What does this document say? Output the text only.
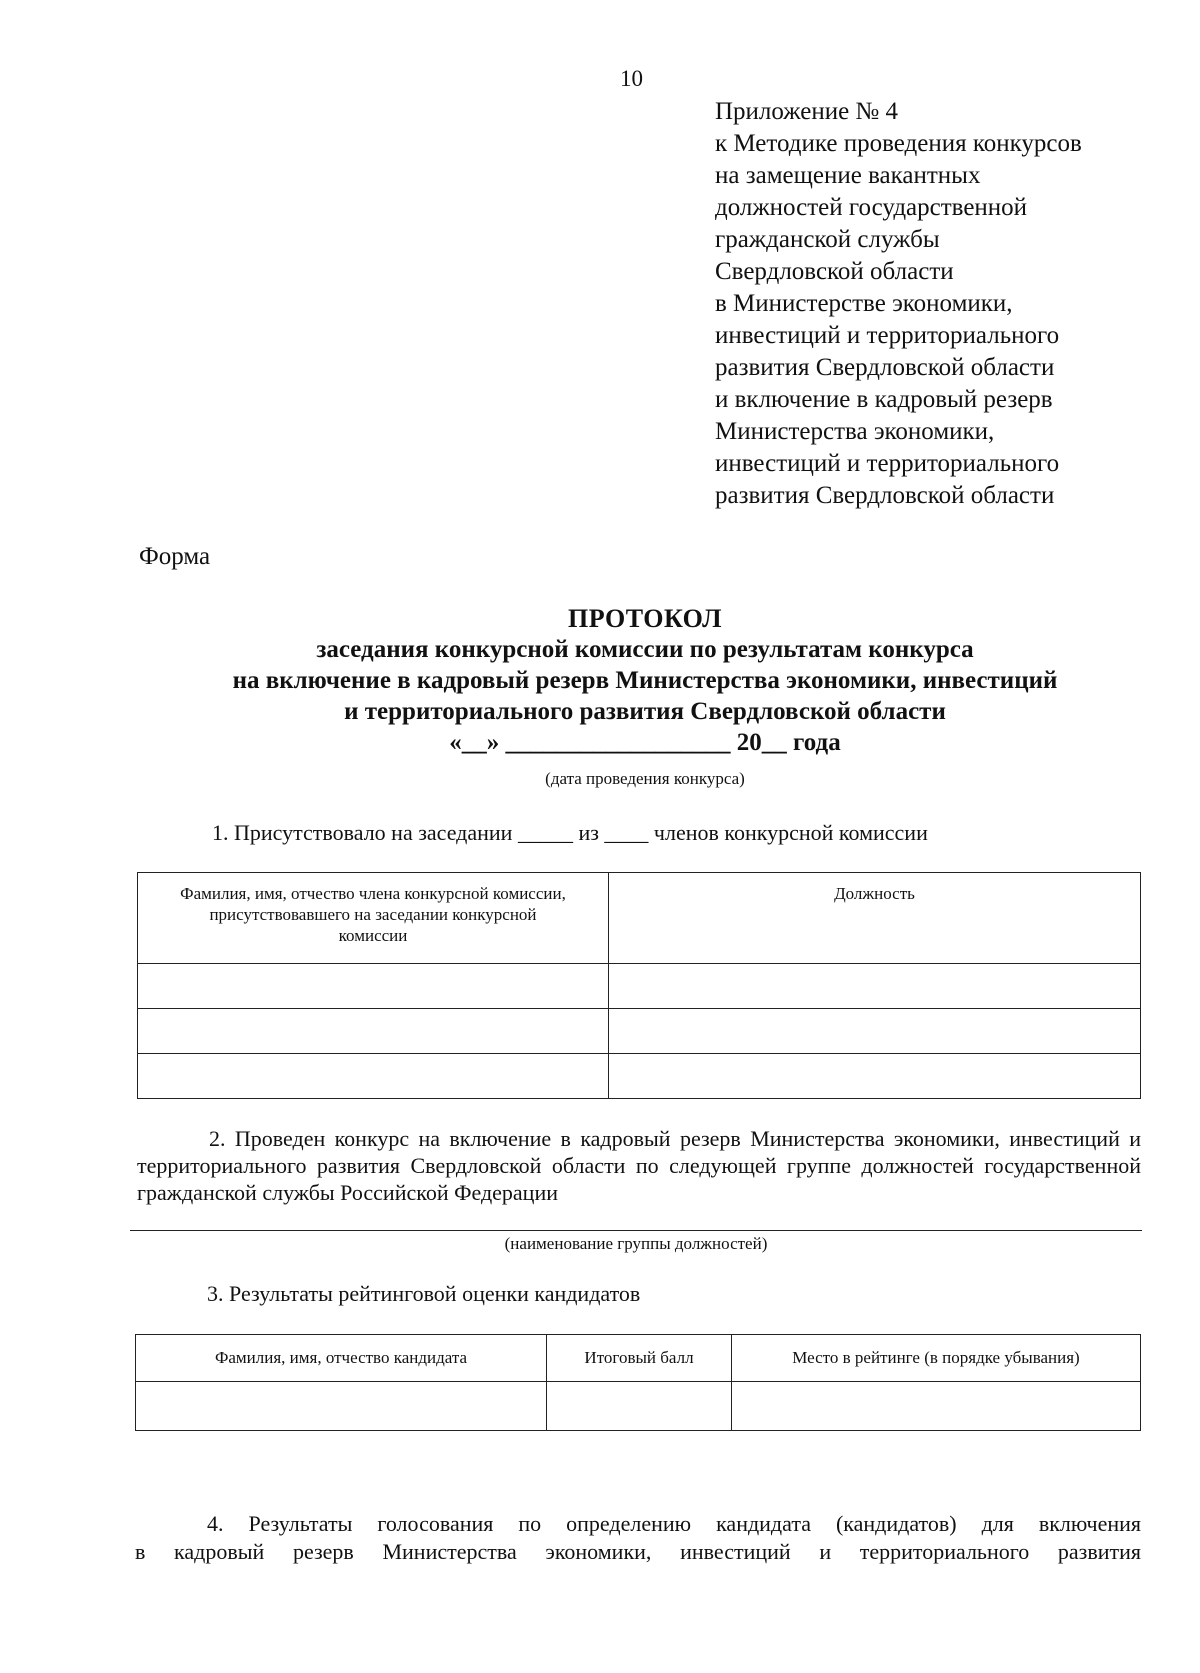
10
Приложение № 4
к Методике проведения конкурсов
на замещение вакантных
должностей государственной
гражданской службы
Свердловской области
в Министерстве экономики,
инвестиций и территориального
развития Свердловской области
и включение в кадровый резерв
Министерства экономики,
инвестиций и территориального
развития Свердловской области
Форма
ПРОТОКОЛ
заседания конкурсной комиссии по результатам конкурса
на включение в кадровый резерв Министерства экономики, инвестиций
и территориального развития Свердловской области
«__» __________________ 20__ года
(дата проведения конкурса)
1. Присутствовало на заседании _____ из ____ членов конкурсной комиссии
Фамилия, имя, отчество члена конкурсной комиссии, присутствовавшего на заседании конкурсной комиссии	Должность

2. Проведен конкурс на включение в кадровый резерв Министерства экономики, инвестиций и территориального развития Свердловской области по следующей группе должностей государственной гражданской службы Российской Федерации
(наименование группы должностей)
3. Результаты рейтинговой оценки кандидатов
Фамилия, имя, отчество кандидата	Итоговый балл	Место в рейтинге (в порядке убывания)

4. Результаты голосования по определению кандидата (кандидатов) для включения
в кадровый резерв Министерства экономики, инвестиций и территориального развития
